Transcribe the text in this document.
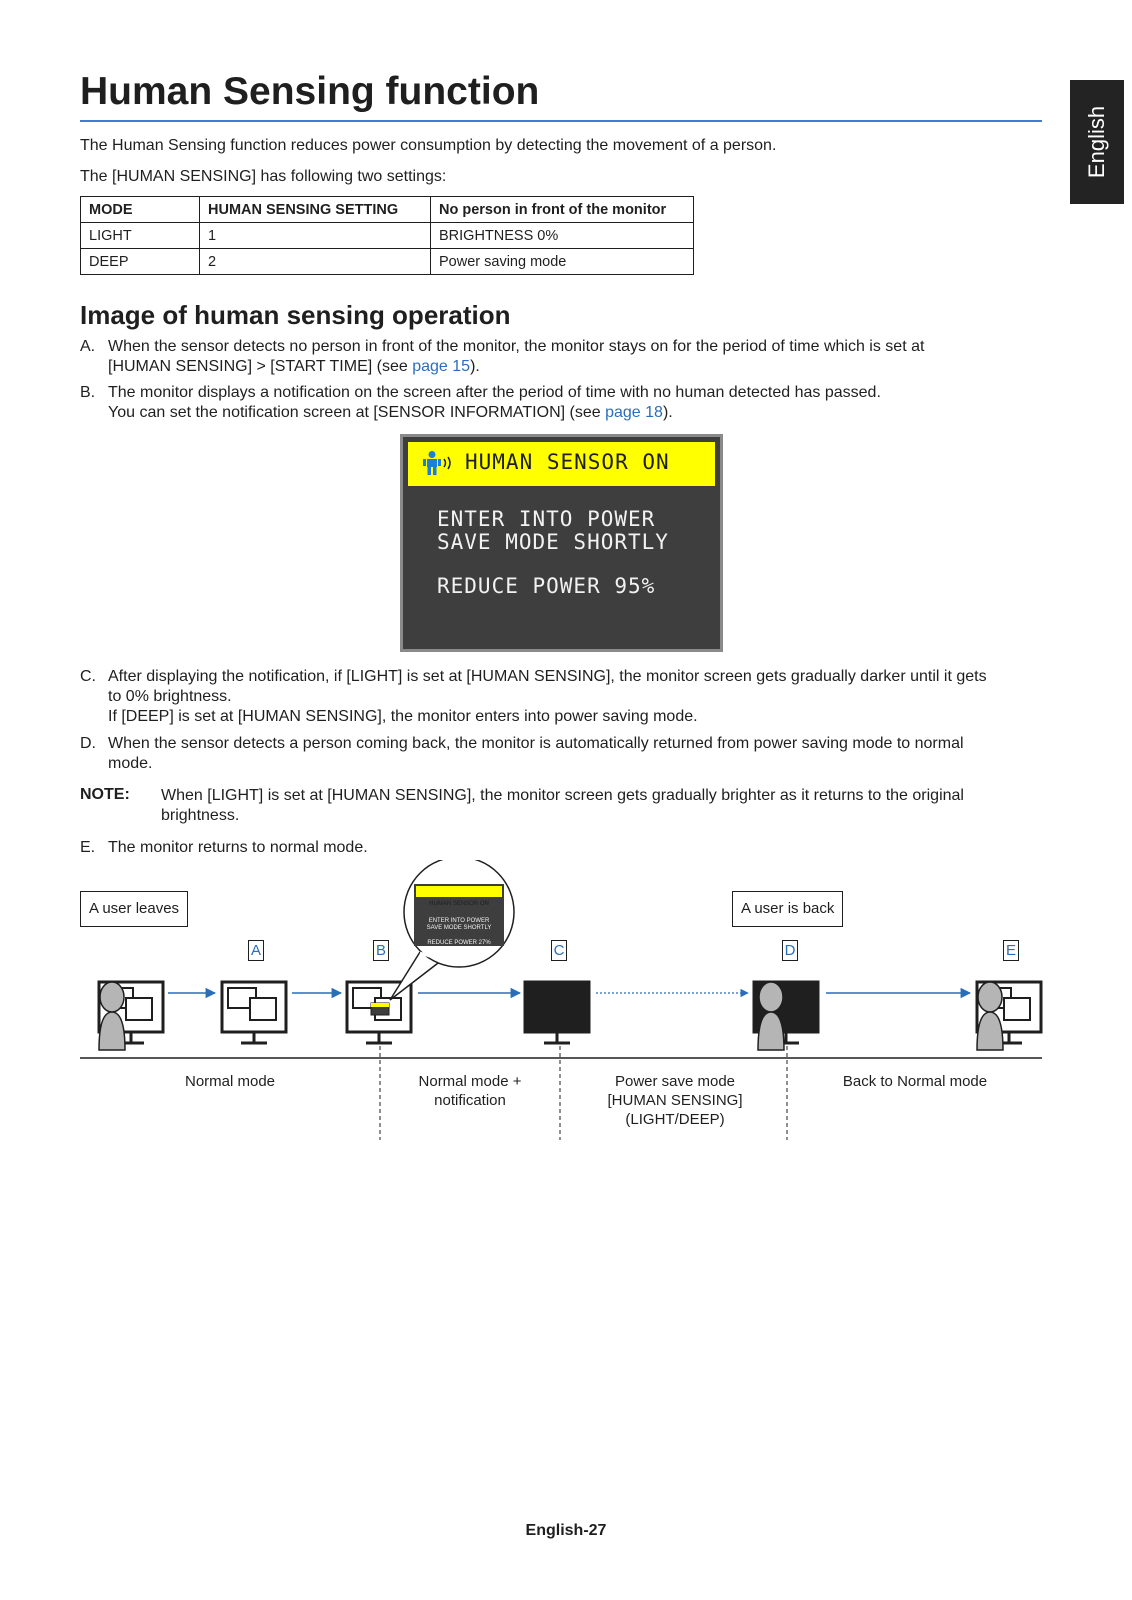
English
Human Sensing function
The Human Sensing function reduces power consumption by detecting the movement of a person.
The [HUMAN SENSING] has following two settings:
MODE	HUMAN SENSING SETTING	No person in front of the monitor
LIGHT	1	BRIGHTNESS 0%
DEEP	2	Power saving mode
Image of human sensing operation
A. When the sensor detects no person in front of the monitor, the monitor stays on for the period of time which is set at
[HUMAN SENSING] > [START TIME] (see page 15).
B. The monitor displays a notification on the screen after the period of time with no human detected has passed.
You can set the notification screen at [SENSOR INFORMATION] (see page 18).
HUMAN SENSOR ON
ENTER INTO POWER
SAVE MODE SHORTLY
REDUCE POWER 95%
C. After displaying the notification, if [LIGHT] is set at [HUMAN SENSING], the monitor screen gets gradually darker until it gets
to 0% brightness.
If [DEEP] is set at [HUMAN SENSING], the monitor enters into power saving mode.
D. When the sensor detects a person coming back, the monitor is automatically returned from power saving mode to normal
mode.
NOTE: When [LIGHT] is set at [HUMAN SENSING], the monitor screen gets gradually brighter as it returns to the original
brightness.
E. The monitor returns to normal mode.
HUMAN SENSOR ON
ENTER INTO POWER
SAVE MODE SHORTLY
REDUCE POWER 27%
A user leaves	A user is back
A	B	C	D	E
Normal mode	Normal mode +
notification
Power save mode
[HUMAN SENSING]
(LIGHT/DEEP)
Back to Normal mode
English-27
